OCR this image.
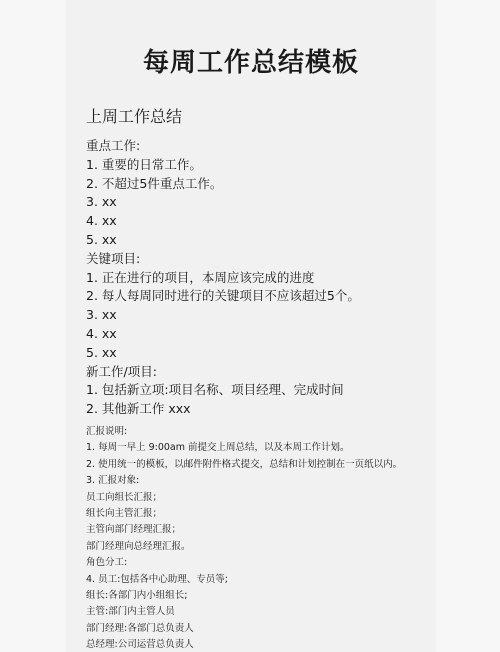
每周工作总结模板
上周工作总结
重点工作:
1. 重要的日常工作。
2. 不超过5件重点工作。
3. xx
4. xx
5. xx
关键项目:
1. 正在进行的项目，本周应该完成的进度
2. 每人每周同时进行的关键项目不应该超过5个。
3. xx
4. xx
5. xx
新工作/项目:
1. 包括新立项:项目名称、项目经理、完成时间
2. 其他新工作 xxx
汇报说明:
1. 每周一早上 9:00am 前提交上周总结，以及本周工作计划。
2. 使用统一的模板，以邮件附件格式提交，总结和计划控制在一页纸以内。
3. 汇报对象:
员工向组长汇报；
组长向主管汇报；
主管向部门经理汇报；
部门经理向总经理汇报。
角色分工:
4. 员工:包括各中心助理、专员等;
组长:各部门内小组组长;
主管:部门内主管人员
部门经理:各部门总负责人
总经理:公司运营总负责人
